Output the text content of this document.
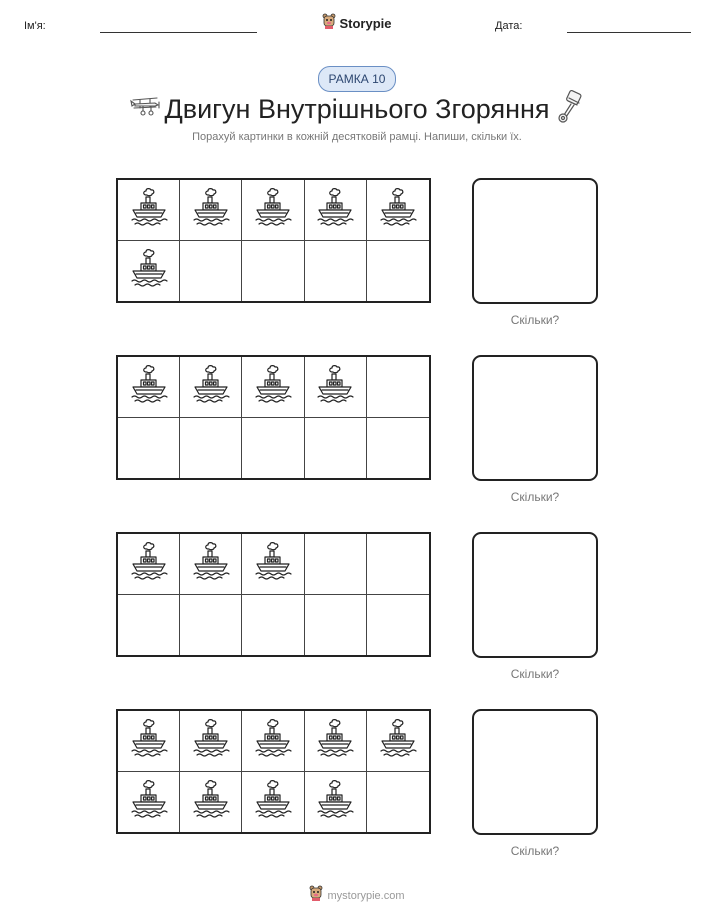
Ім'я:	Storypie	Дата:
РАМКА 10
Двигун Внутрішнього Згоряння
Порахуй картинки в кожній десятковій рамці. Напиши, скільки їх.
Скільки?
Скільки?
Скільки?
Скільки?
mystorypie.com
